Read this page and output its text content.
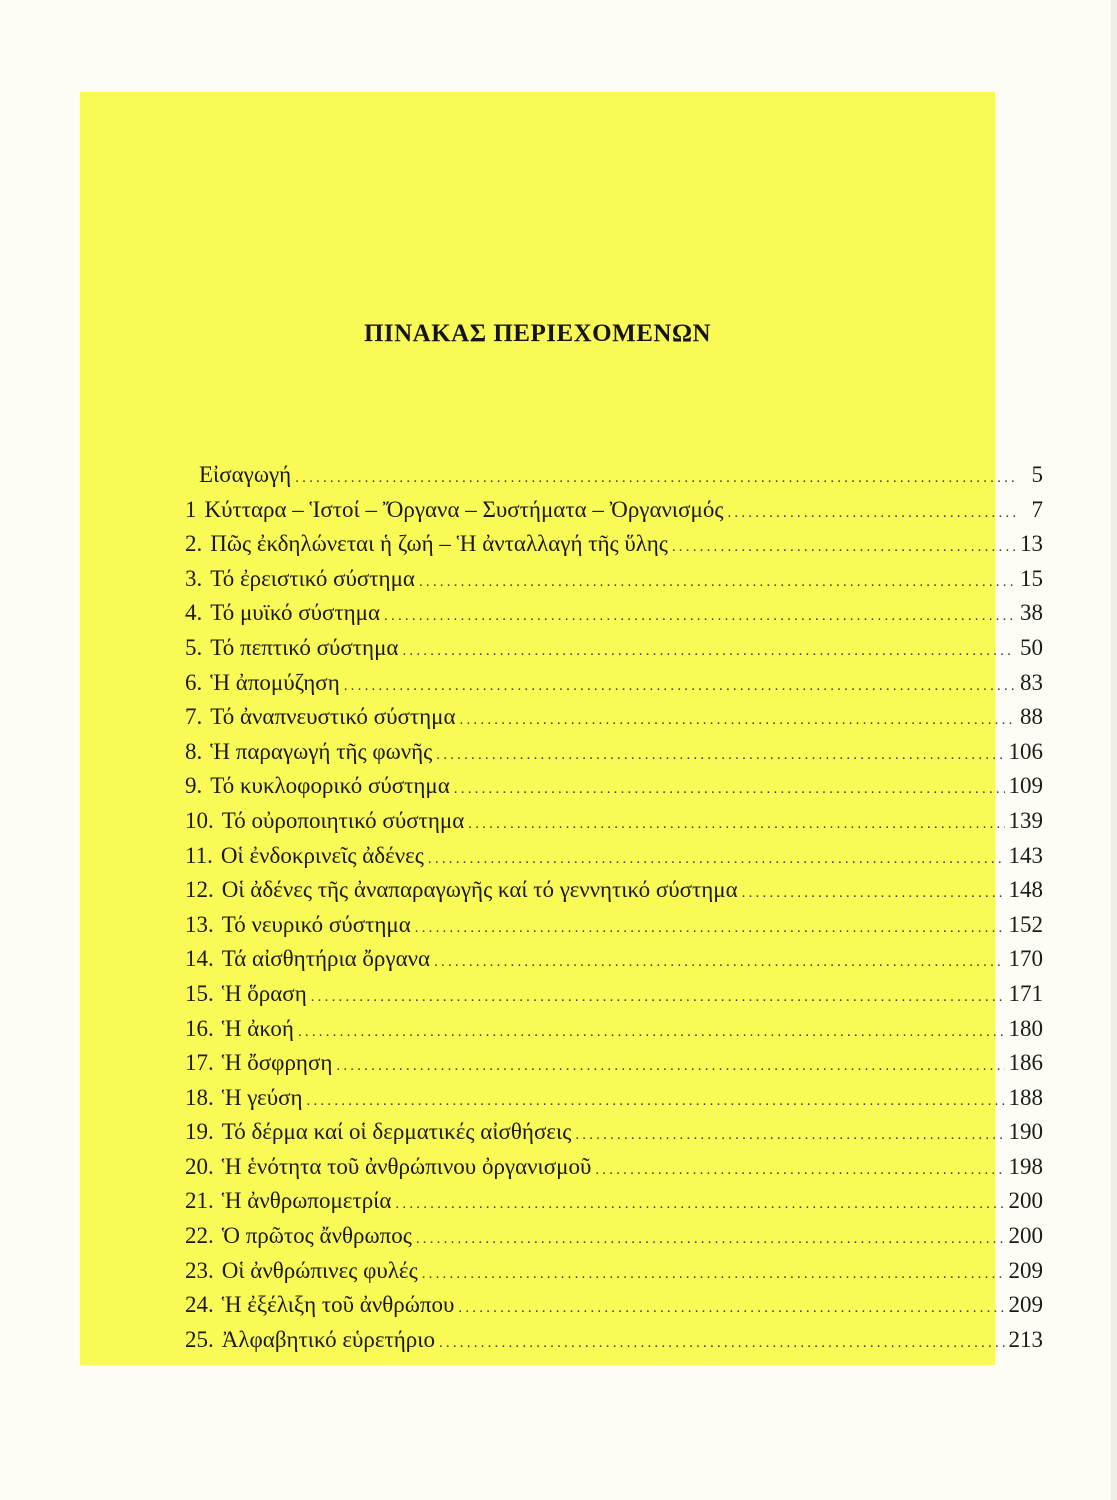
ΠΙΝΑΚΑΣ ΠΕΡΙΕΧΟΜΕΝΩΝ
Εἰσαγωγή .....	5
1 Κύτταρα – Ἱστοί – Ὄργανα – Συστήματα – Ὀργανισμός .....	7
2. Πῶς ἐκδηλώνεται ἡ ζωή – Ἡ ἀνταλλαγή τῆς ὕλης .....	13
3. Τό ἐρειστικό σύστημα .....	15
4. Τό μυϊκό σύστημα .....	38
5. Τό πεπτικό σύστημα .....	50
6. Ἡ ἀπομύζηση .....	83
7. Τό ἀναπνευστικό σύστημα .....	88
8. Ἡ παραγωγή τῆς φωνῆς .....	106
9. Τό κυκλοφορικό σύστημα .....	109
10. Τό οὐροποιητικό σύστημα .....	139
11. Οἱ ἐνδοκρινεῖς ἀδένες .....	143
12. Οἱ ἀδένες τῆς ἀναπαραγωγῆς καί τό γεννητικό σύστημα .....	148
13. Τό νευρικό σύστημα .....	152
14. Τά αἰσθητήρια ὄργανα .....	170
15. Ἡ ὅραση .....	171
16. Ἡ ἀκοή .....	180
17. Ἡ ὄσφρηση .....	186
18. Ἡ γεύση .....	188
19. Τό δέρμα καί οἱ δερματικές αἰσθήσεις .....	190
20. Ἡ ἑνότητα τοῦ ἀνθρώπινου ὀργανισμοῦ .....	198
21. Ἡ ἀνθρωπομετρία .....	200
22. Ὁ πρῶτος ἄνθρωπος .....	200
23. Οἱ ἀνθρώπινες φυλές .....	209
24. Ἡ ἐξέλιξη τοῦ ἀνθρώπου .....	209
25. Ἀλφαβητικό εὑρετήριο .....	213
